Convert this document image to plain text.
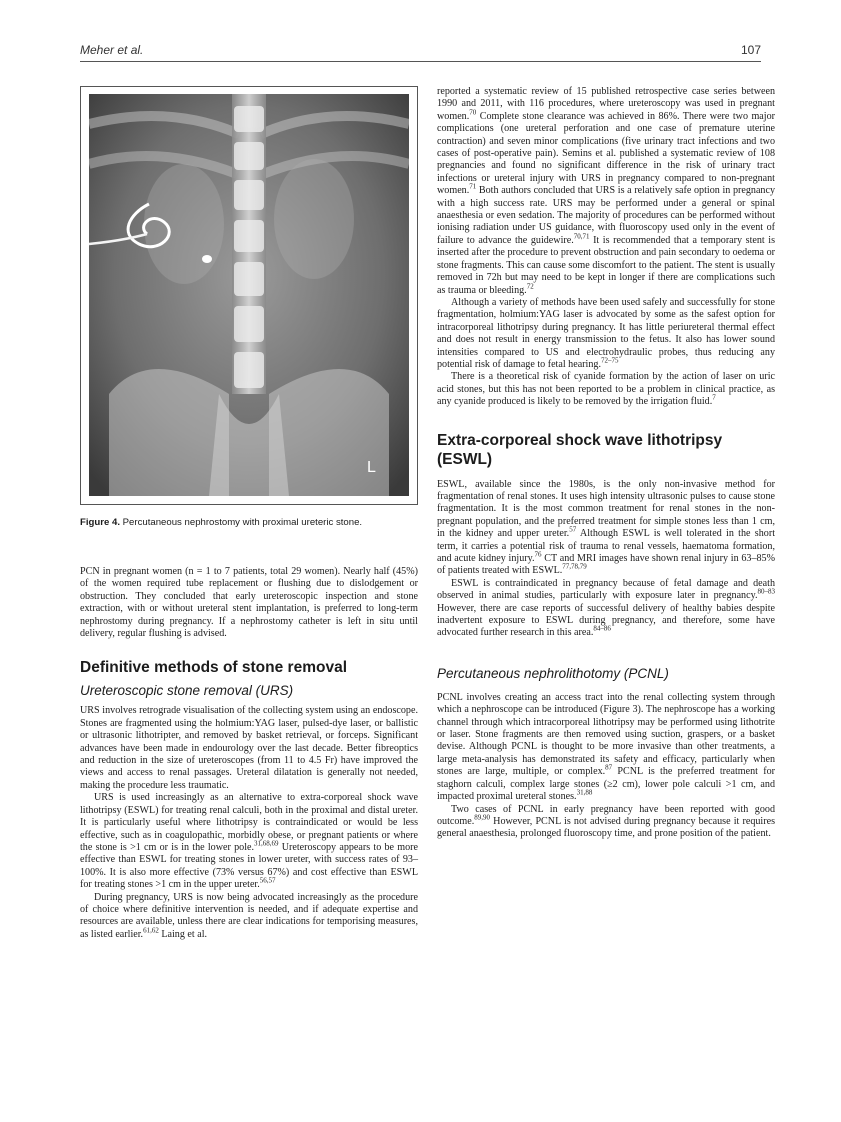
Meher et al.	107
L
Figure 4. Percutaneous nephrostomy with proximal ureteric stone.

PCN in pregnant women (n = 1 to 7 patients, total 29 women). Nearly half (45%) of the women required tube replacement or flushing due to dislodgement or obstruction. They concluded that early ureteroscopic inspection and stone extraction, with or without ureteral stent implantation, is preferred to long-term nephrostomy during pregnancy. If a nephrostomy catheter is left in situ until delivery, regular flushing is advised.

Definitive methods of stone removal
Ureteroscopic stone removal (URS)

URS involves retrograde visualisation of the collecting system using an endoscope. Stones are fragmented using the holmium:YAG laser, pulsed-dye laser, or ballistic or ultrasonic lithotripter, and removed by basket retrieval, or forceps. Significant advances have been made in endourology over the last decade. Better fibreoptics and reduction in the size of ureteroscopes (from 11 to 4.5 Fr) have improved the views and access to renal passages. Ureteral dilatation is generally not needed, making the procedure less traumatic.

URS is used increasingly as an alternative to extra-corporeal shock wave lithotripsy (ESWL) for treating renal calculi, both in the proximal and distal ureter. It is particularly useful where lithotripsy is contraindicated or would be less effective, such as in coagulopathic, morbidly obese, or pregnant patients or where the stone is >1 cm or is in the lower pole.$^{31,68,69}$ Ureteroscopy appears to be more effective than ESWL for treating stones in lower ureter, with success rates of 93–100%. It is also more effective (73% versus 67%) and cost effective than ESWL for treating stones >1 cm in the upper ureter.$^{56,57}$

During pregnancy, URS is now being advocated increasingly as the procedure of choice where definitive intervention is needed, and if adequate expertise and resources are available, unless there are clear indications for temporising measures, as listed earlier.$^{61,62}$ Laing et al.

reported a systematic review of 15 published retrospective case series between 1990 and 2011, with 116 procedures, where ureteroscopy was used in pregnant women.$^{70}$ Complete stone clearance was achieved in 86%. There were two major complications (one ureteral perforation and one case of premature uterine contraction) and seven minor complications (five urinary tract infections and two cases of post-operative pain). Semins et al. published a systematic review of 108 pregnancies and found no significant difference in the risk of urinary tract infections or ureteral injury with URS in pregnancy compared to non-pregnant women.$^{71}$ Both authors concluded that URS is a relatively safe option in pregnancy with a high success rate. URS may be performed under a general or spinal anaesthesia or even sedation. The majority of procedures can be performed without ionising radiation under US guidance, with fluoroscopy used only in the event of failure to advance the guidewire.$^{70,71}$ It is recommended that a temporary stent is inserted after the procedure to prevent obstruction and pain secondary to oedema or stone fragments. This can cause some discomfort to the patient. The stent is usually removed in 72h but may need to be kept in longer if there are complications such as trauma or bleeding.$^{72}$

Although a variety of methods have been used safely and successfully for stone fragmentation, holmium:YAG laser is advocated by some as the safest option for intracorporeal lithotripsy during pregnancy. It has little periureteral thermal effect and does not result in energy transmission to the fetus. It also has lower sound intensities compared to US and electrohydraulic probes, thus reducing any potential risk of damage to fetal hearing.$^{72-75}$

There is a theoretical risk of cyanide formation by the action of laser on uric acid stones, but this has not been reported to be a problem in clinical practice, as any cyanide produced is likely to be removed by the irrigation fluid.$^7$

Extra-corporeal shock wave lithotripsy (ESWL)

ESWL, available since the 1980s, is the only non-invasive method for fragmentation of renal stones. It uses high intensity ultrasonic pulses to cause stone fragmentation. It is the most common treatment for renal stones in the non-pregnant population, and the preferred treatment for simple stones less than 1 cm, in the kidney and upper ureter.$^{57}$ Although ESWL is well tolerated in the short term, it carries a potential risk of trauma to renal vessels, haematoma formation, and acute kidney injury.$^{76}$ CT and MRI images have shown renal injury in 63–85% of patients treated with ESWL.$^{77,78,79}$

ESWL is contraindicated in pregnancy because of fetal damage and death observed in animal studies, particularly with exposure later in pregnancy.$^{80-83}$ However, there are case reports of successful delivery of healthy babies despite inadvertent exposure to ESWL during pregnancy, and therefore, some have advocated further research in this area.$^{84-86}$

Percutaneous nephrolithotomy (PCNL)

PCNL involves creating an access tract into the renal collecting system through which a nephroscope can be introduced (Figure 3). The nephroscope has a working channel through which intracorporeal lithotripsy may be performed using lithotrite or laser. Stone fragments are then removed using suction, graspers, or a basket devise. Although PCNL is thought to be more invasive than other treatments, a large meta-analysis has demonstrated its safety and efficacy, particularly when stones are large, multiple, or complex.$^{87}$ PCNL is the preferred treatment for staghorn calculi, complex large stones (≥2 cm), lower pole calculi >1 cm, and impacted proximal ureteral stones.$^{31,88}$

Two cases of PCNL in early pregnancy have been reported with good outcome.$^{89,90}$ However, PCNL is not advised during pregnancy because it requires general anaesthesia, prolonged fluoroscopy time, and prone position of the patient.
